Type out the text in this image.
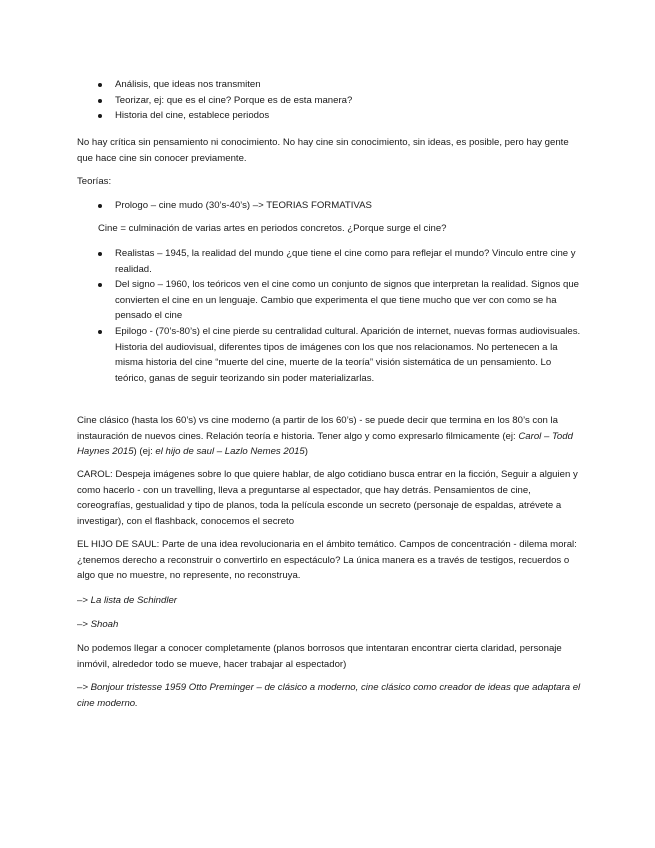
Análisis, que ideas nos transmiten
Teorizar, ej: que es el cine? Porque es de esta manera?
Historia del cine, establece periodos

No hay crítica sin pensamiento ni conocimiento. No hay cine sin conocimiento, sin ideas, es posible, pero hay gente que hace cine sin conocer previamente.

Teorías:

Prologo – cine mudo (30’s-40’s) –> TEORIAS FORMATIVAS

Cine = culminación de varias artes en periodos concretos. ¿Porque surge el cine?

Realistas – 1945, la realidad del mundo ¿que tiene el cine como para reflejar el mundo? Vinculo entre cine y realidad.
Del signo – 1960, los teóricos ven el cine como un conjunto de signos que interpretan la realidad. Signos que convierten el cine en un lenguaje. Cambio que experimenta el que tiene mucho que ver con como se ha pensado el cine
Epilogo - (70’s-80’s) el cine pierde su centralidad cultural. Aparición de internet, nuevas formas audiovisuales. Historia del audiovisual, diferentes tipos de imágenes con los que nos relacionamos. No pertenecen a la misma historia del cine “muerte del cine, muerte de la teoría” visión sistemática de un pensamiento. Lo teórico, ganas de seguir teorizando sin poder materializarlas.

Cine clásico (hasta los 60’s) vs cine moderno (a partir de los 60’s) - se puede decir que termina en los 80’s con la instauración de nuevos cines. Relación teoría e historia. Tener algo y como expresarlo filmicamente (ej: Carol – Todd Haynes 2015) (ej: el hijo de saul – Lazlo Nemes 2015)

CAROL: Despeja imágenes sobre lo que quiere hablar, de algo cotidiano busca entrar en la ficción, Seguir a alguien y como hacerlo - con un travelling, lleva a preguntarse al espectador, que hay detrás. Pensamientos de cine, coreografías, gestualidad y tipo de planos, toda la película esconde un secreto (personaje de espaldas, atrévete a investigar), con el flashback, conocemos el secreto

EL HIJO DE SAUL: Parte de una idea revolucionaria en el ámbito temático. Campos de concentración - dilema moral: ¿tenemos derecho a reconstruir o convertirlo en espectáculo? La única manera es a través de testigos, recuerdos o algo que no muestre, no represente, no reconstruya.

–> La lista de Schindler

–> Shoah

No podemos llegar a conocer completamente (planos borrosos que intentaran encontrar cierta claridad, personaje inmóvil, alrededor todo se mueve, hacer trabajar al espectador)

–> Bonjour tristesse 1959 Otto Preminger – de clásico a moderno, cine clásico como creador de ideas que adaptara el cine moderno.
